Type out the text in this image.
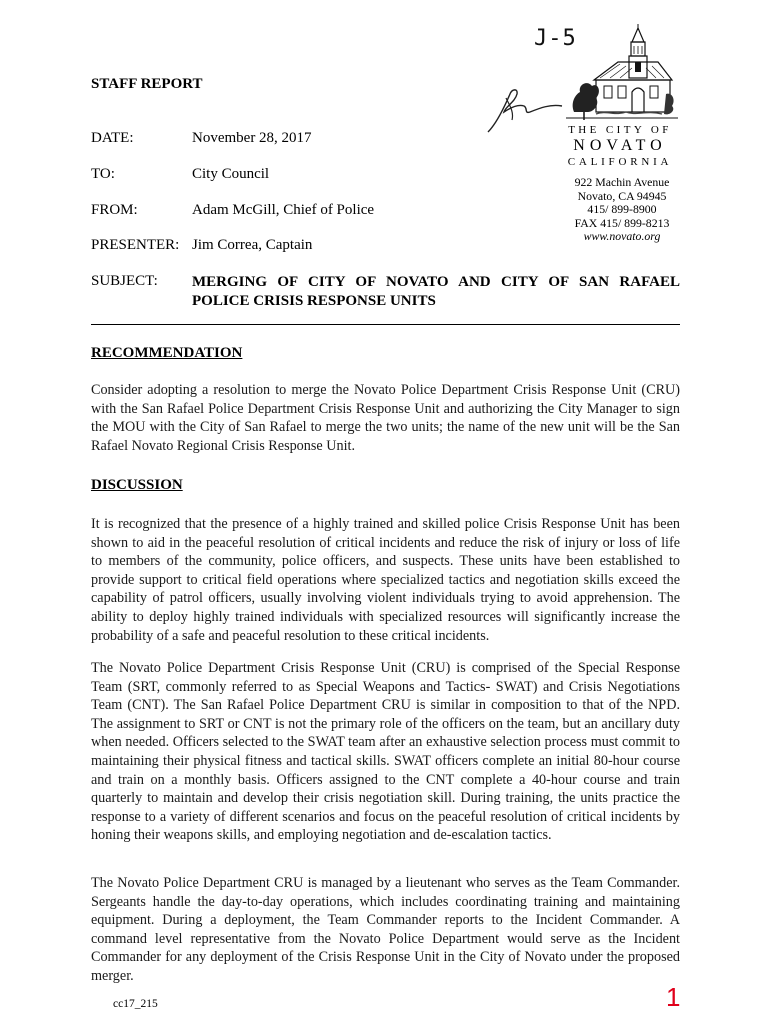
J-5
THE CITY OF
NOVATO
CALIFORNIA
922 Machin Avenue
Novato, CA 94945
415/ 899-8900
FAX 415/ 899-8213
www.novato.org
STAFF REPORT
DATE:	November 28, 2017
TO:	City Council
FROM:	Adam McGill, Chief of Police
PRESENTER: Jim Correa, Captain
SUBJECT: MERGING OF CITY OF NOVATO AND CITY OF SAN RAFAEL POLICE CRISIS RESPONSE UNITS
RECOMMENDATION
Consider adopting a resolution to merge the Novato Police Department Crisis Response Unit (CRU) with the San Rafael Police Department Crisis Response Unit and authorizing the City Manager to sign the MOU with the City of San Rafael to merge the two units; the name of the new unit will be the San Rafael Novato Regional Crisis Response Unit.
DISCUSSION
It is recognized that the presence of a highly trained and skilled police Crisis Response Unit has been shown to aid in the peaceful resolution of critical incidents and reduce the risk of injury or loss of life to members of the community, police officers, and suspects. These units have been established to provide support to critical field operations where specialized tactics and negotiation skills exceed the capability of patrol officers, usually involving violent individuals trying to avoid apprehension. The ability to deploy highly trained individuals with specialized resources will significantly increase the probability of a safe and peaceful resolution to these critical incidents.
The Novato Police Department Crisis Response Unit (CRU) is comprised of the Special Response Team (SRT, commonly referred to as Special Weapons and Tactics- SWAT) and Crisis Negotiations Team (CNT). The San Rafael Police Department CRU is similar in composition to that of the NPD. The assignment to SRT or CNT is not the primary role of the officers on the team, but an ancillary duty when needed. Officers selected to the SWAT team after an exhaustive selection process must commit to maintaining their physical fitness and tactical skills. SWAT officers complete an initial 80-hour course and train on a monthly basis. Officers assigned to the CNT complete a 40-hour course and train quarterly to maintain and develop their crisis negotiation skill. During training, the units practice the response to a variety of different scenarios and focus on the peaceful resolution of critical incidents by honing their weapons skills, and employing negotiation and de-escalation tactics.
The Novato Police Department CRU is managed by a lieutenant who serves as the Team Commander. Sergeants handle the day-to-day operations, which includes coordinating training and maintaining equipment. During a deployment, the Team Commander reports to the Incident Commander. A command level representative from the Novato Police Department would serve as the Incident Commander for any deployment of the Crisis Response Unit in the City of Novato under the proposed merger.
cc17_215	1
